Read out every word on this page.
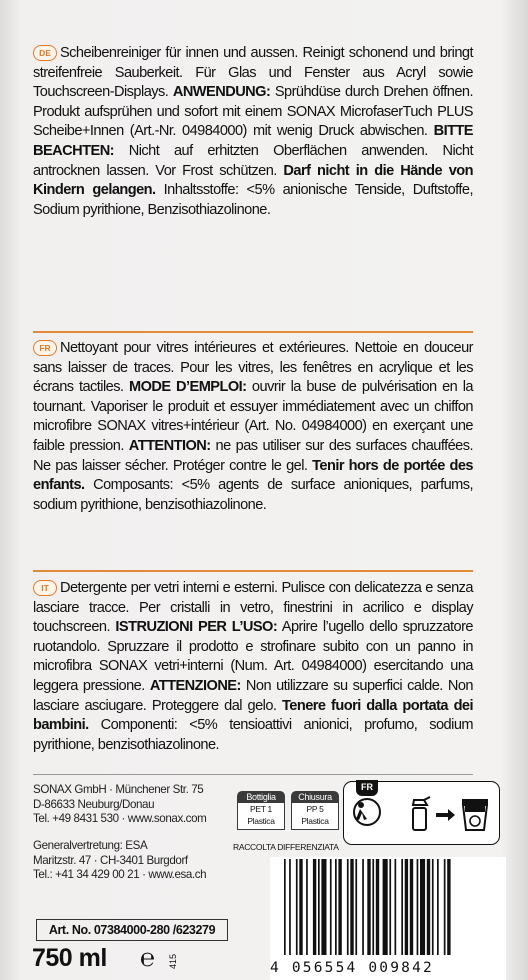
DE Scheibenreiniger für innen und aussen. Reinigt schonend und bringt streifenfreie Sauberkeit. Für Glas und Fenster aus Acryl sowie Touchscreen-Displays. ANWENDUNG: Sprühdüse durch Drehen öffnen. Produkt aufsprühen und sofort mit einem SONAX MicrofaserTuch PLUS Scheibe+Innen (Art.-Nr. 04984000) mit wenig Druck abwischen. BITTE BEACHTEN: Nicht auf erhitzten Oberflächen anwenden. Nicht antrocknen lassen. Vor Frost schützen. Darf nicht in die Hände von Kindern gelangen. Inhaltsstoffe: <5% anionische Tenside, Duftstoffe, Sodium pyrithione, Benzisothiazolinone.
FR Nettoyant pour vitres intérieures et extérieures. Nettoie en douceur sans laisser de traces. Pour les vitres, les fenêtres en acrylique et les écrans tactiles. MODE D’EMPLOI: ouvrir la buse de pulvérisation en la tournant. Vaporiser le produit et essuyer immédiatement avec un chiffon microfibre SONAX vitres+intérieur (Art. No. 04984000) en exerçant une faible pression. ATTENTION: ne pas utiliser sur des surfaces chauffées. Ne pas laisser sécher. Protéger contre le gel. Tenir hors de portée des enfants. Composants: <5% agents de surface anioniques, parfums, sodium pyrithione, benzisothiazolinone.
IT Detergente per vetri interni e esterni. Pulisce con delicatezza e senza lasciare tracce. Per cristalli in vetro, finestrini in acrilico e display touchscreen. ISTRUZIONI PER L’USO: Aprire l’ugello dello spruzzatore ruotandolo. Spruzzare il prodotto e strofinare subito con un panno in microfibra SONAX vetri+interni (Num. Art. 04984000) esercitando una leggera pressione. ATTENZIONE: Non utilizzare su superfici calde. Non lasciare asciugare. Proteggere dal gelo. Tenere fuori dalla portata dei bambini. Componenti: <5% tensioattivi anionici, profumo, sodium pyrithione, benzisothiazolinone.
SONAX GmbH · Münchener Str. 75
D-86633 Neuburg/Donau
Tel. +49 8431 530 · www.sonax.com
Generalvertretung: ESA
Maritzstr. 47 · CH-3401 Burgdorf
Tel.: +41 34 429 00 21 · www.esa.ch
Art. No. 07384000-280 /623279
750 ml ℮ 415
Bottiglia
PET 1
Plastica
Chiusura
PP 5
Plastica
RACCOLTA DIFFERENZIATA
FR
4 056554 009842
